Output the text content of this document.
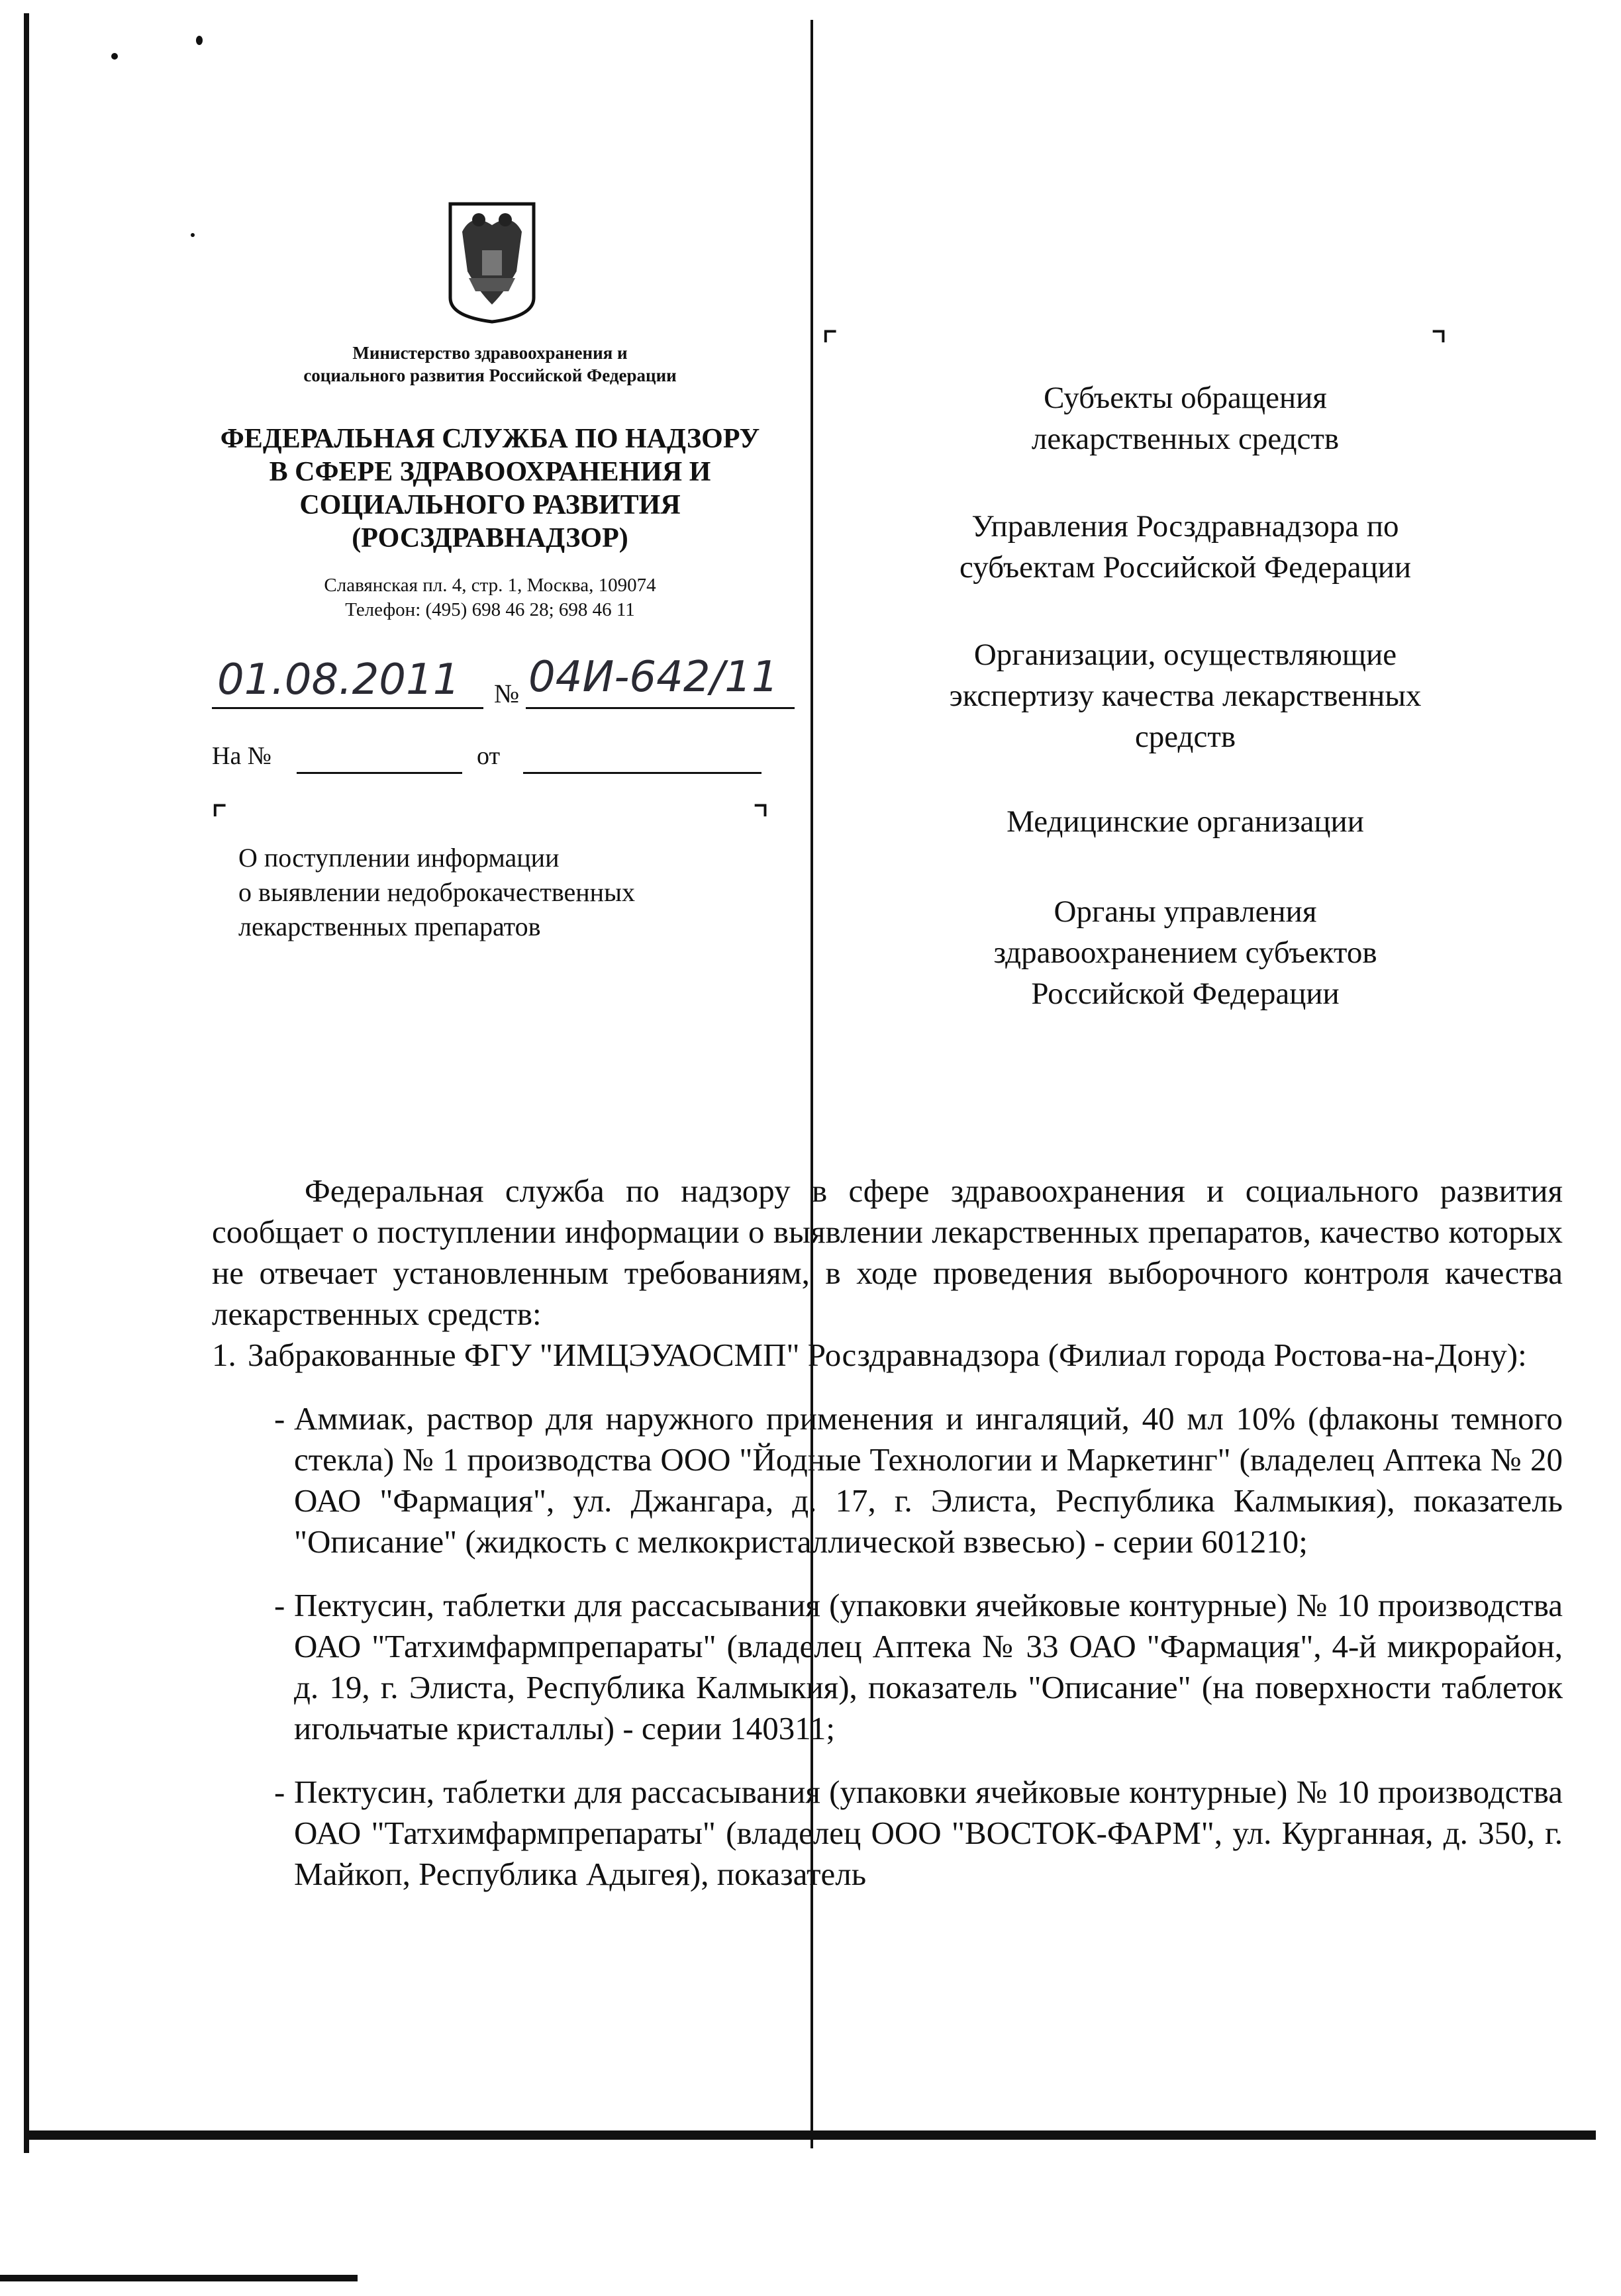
Министерство здравоохранения и
социального развития Российской Федерации
ФЕДЕРАЛЬНАЯ СЛУЖБА ПО НАДЗОРУ
В СФЕРЕ ЗДРАВООХРАНЕНИЯ И
СОЦИАЛЬНОГО РАЗВИТИЯ
(РОСЗДРАВНАДЗОР)
Славянская пл. 4, стр. 1, Москва, 109074
Телефон: (495) 698 46 28; 698 46 11
01.08.2011 № 04И-642/11
На №	от
⌜	⌝
⌜	⌝
О поступлении информации
о выявлении недоброкачественных
лекарственных препаратов
Субъекты обращения
лекарственных средств
Управления Росздравнадзора по
субъектам Российской Федерации
Организации, осуществляющие
экспертизу качества лекарственных
средств
Медицинские организации
Органы управления
здравоохранением субъектов
Российской Федерации

Федеральная служба по надзору в сфере здравоохранения и социального развития сообщает о поступлении информации о выявлении лекарственных препаратов, качество которых не отвечает установленным требованиям, в ходе проведения выборочного контроля качества лекарственных средств:

1. Забракованные ФГУ "ИМЦЭУАОСМП" Росздравнадзора (Филиал города Ростова-на-Дону):
- Аммиак, раствор для наружного применения и ингаляций, 40 мл 10% (флаконы темного стекла) № 1 производства ООО "Йодные Технологии и Маркетинг" (владелец Аптека № 20 ОАО "Фармация", ул. Джангара, д. 17, г. Элиста, Республика Калмыкия), показатель "Описание" (жидкость с мелкокристаллической взвесью) - серии 601210;
- Пектусин, таблетки для рассасывания (упаковки ячейковые контурные) № 10 производства ОАО "Татхимфармпрепараты" (владелец Аптека № 33 ОАО "Фармация", 4-й микрорайон, д. 19, г. Элиста, Республика Калмыкия), показатель "Описание" (на поверхности таблеток игольчатые кристаллы) - серии 140311;
- Пектусин, таблетки для рассасывания (упаковки ячейковые контурные) № 10 производства ОАО "Татхимфармпрепараты" (владелец ООО "ВОСТОК-ФАРМ", ул. Курганная, д. 350, г. Майкоп, Республика Адыгея), показатель
